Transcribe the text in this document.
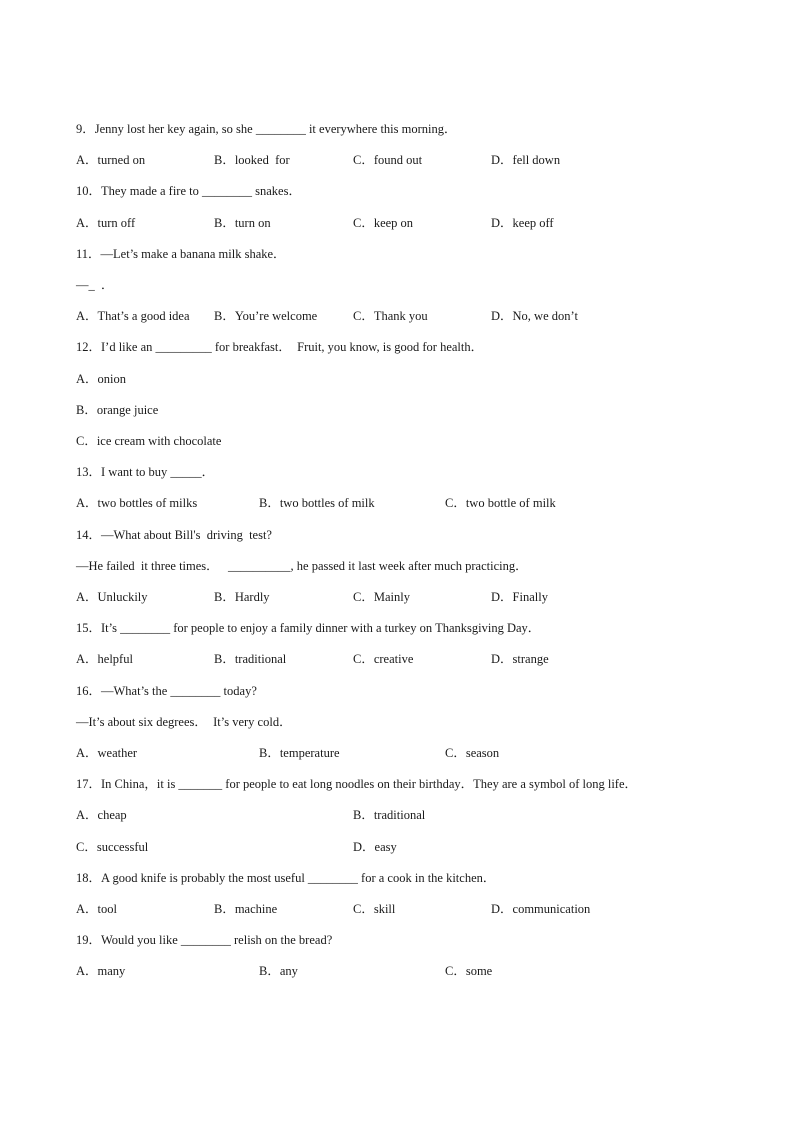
9．Jenny lost her key again, so she ________ it everywhere this morning．
A．turned on	B．looked  for	C．found out	D．fell down
10．They made a fire to ________ snakes．
A．turn off	B．turn on	C．keep on	D．keep off
11．—Let’s make a banana milk shake．
—_  ．
A．That’s a good idea B．You’re welcome	C．Thank you	D．No, we don’t
12．I’d like an _________ for breakfast．  Fruit, you know, is good for health．
A．onion
B．orange juice
C．ice cream with chocolate
13．I want to buy _____．
A．two bottles of milks	B．two bottles of milk	C．two bottle of milk
14．—What about Bill's  driving  test?
—He failed  it three times．   __________, he passed it last week after much practicing．
A．Unluckily	B．Hardly	C．Mainly	D．Finally
15．It’s ________ for people to enjoy a family dinner with a turkey on Thanksgiving Day．
A．helpful	B．traditional	C．creative	D．strange
16．—What’s the ________ today?
—It’s about six degrees．  It’s very cold．
A．weather	B．temperature	C．season
17．In China，it is _______ for people to eat long noodles on their birthday．They are a symbol of long life．
A．cheap	B．traditional
C．successful	D．easy
18．A good knife is probably the most useful ________ for a cook in the kitchen．
A．tool	B．machine	C．skill	D．communication
19．Would you like ________ relish on the bread?
A．many	B．any	C．some
